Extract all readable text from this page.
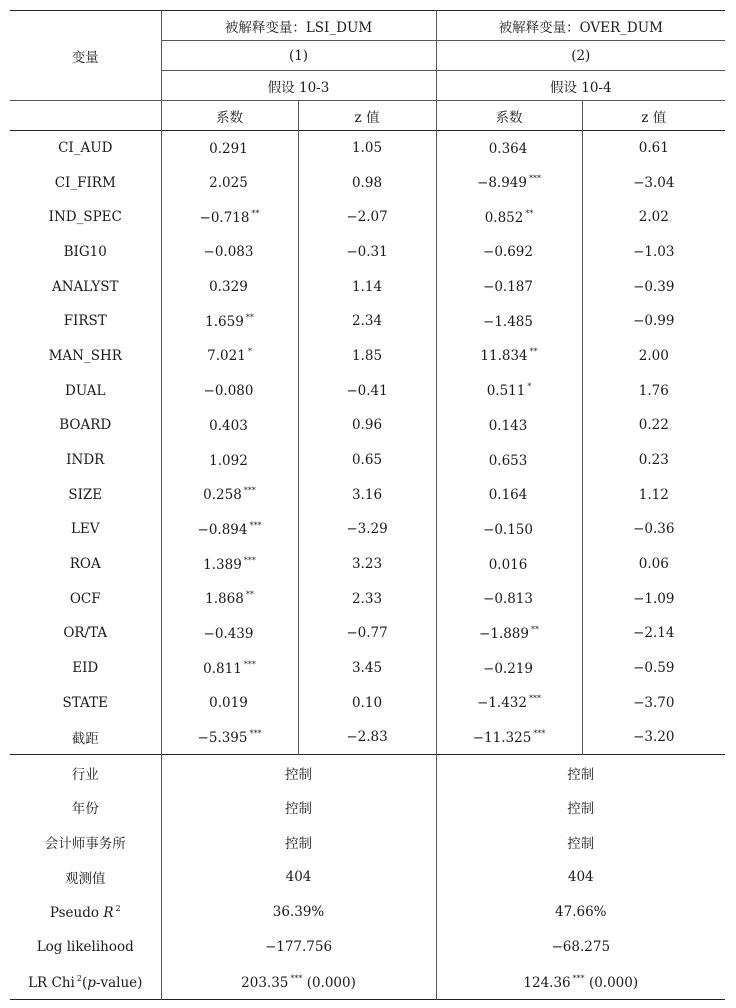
变量	被解释变量：LSI_DUM		被解释变量：OVER_DUM	
	(1)		(2)	
	假设 10-3		假设 10-4	
	系数	z 值	系数	z 值
CI_AUD	0.291	1.05	0.364	0.61
CI_FIRM	2.025	0.98	−8.949 ***	−3.04
IND_SPEC	−0.718 **	−2.07	0.852 **	2.02
BIG10	−0.083	−0.31	−0.692	−1.03
ANALYST	0.329	1.14	−0.187	−0.39
FIRST	1.659 **	2.34	−1.485	−0.99
MAN_SHR	7.021 *	1.85	11.834 **	2.00
DUAL	−0.080	−0.41	0.511 *	1.76
BOARD	0.403	0.96	0.143	0.22
INDR	1.092	0.65	0.653	0.23
SIZE	0.258 ***	3.16	0.164	1.12
LEV	−0.894 ***	−3.29	−0.150	−0.36
ROA	1.389 ***	3.23	0.016	0.06
OCF	1.868 **	2.33	−0.813	−1.09
OR/TA	−0.439	−0.77	−1.889 **	−2.14
EID	0.811 ***	3.45	−0.219	−0.59
STATE	0.019	0.10	−1.432 ***	−3.70
截距	−5.395 ***	−2.83	−11.325 ***	−3.20
行业	控制		控制	
年份	控制		控制	
会计师事务所	控制		控制	
观测值	404		404	
Pseudo R $^2$	36.39%		47.66%	
Log likelihood	−177.756		−68.275	
LR Chi $^2$(p-value)	203.35 *** (0.000)		124.36 *** (0.000)	
